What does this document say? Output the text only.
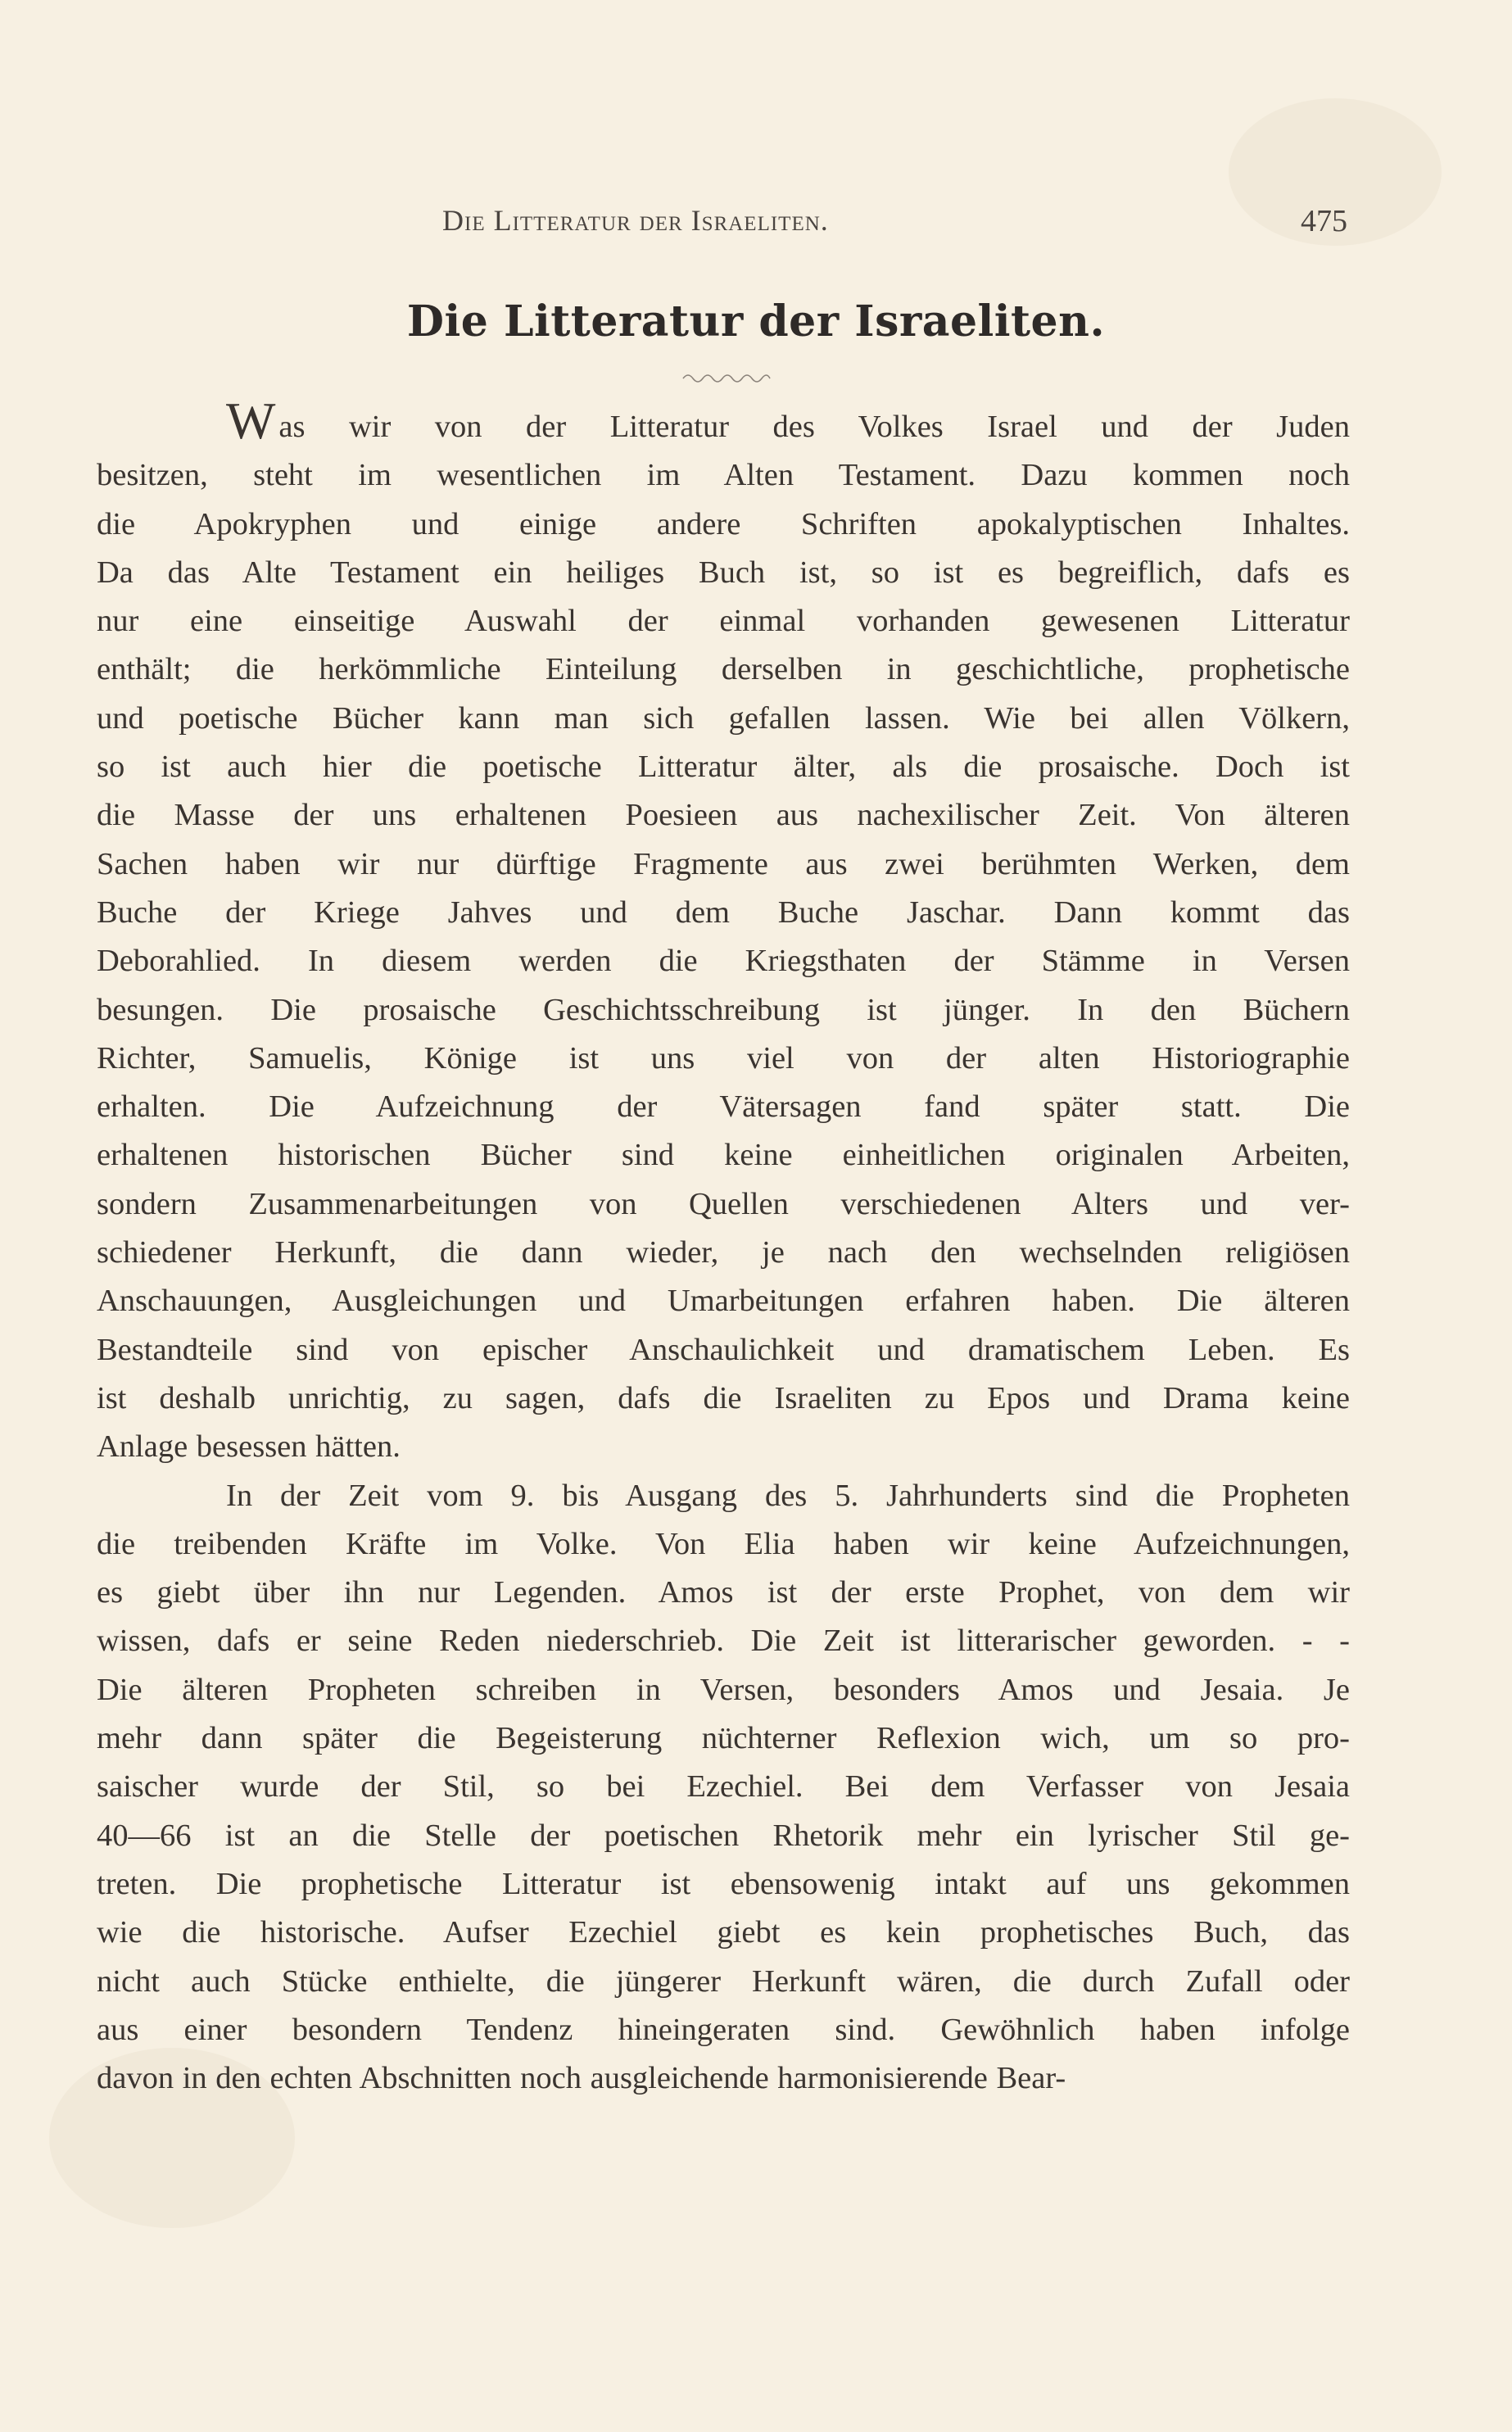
Die Litteratur der Israeliten.	475
Die Litteratur der Israeliten.
Was wir von der Litteratur des Volkes Israel und der Juden
besitzen, steht im wesentlichen im Alten Testament. Dazu kommen noch
die Apokryphen und einige andere Schriften apokalyptischen Inhaltes.
Da das Alte Testament ein heiliges Buch ist, so ist es begreiflich, dafs es
nur eine einseitige Auswahl der einmal vorhanden gewesenen Litteratur
enthält; die herkömmliche Einteilung derselben in geschichtliche, prophetische
und poetische Bücher kann man sich gefallen lassen. Wie bei allen Völkern,
so ist auch hier die poetische Litteratur älter, als die prosaische. Doch ist
die Masse der uns erhaltenen Poesieen aus nachexilischer Zeit. Von älteren
Sachen haben wir nur dürftige Fragmente aus zwei berühmten Werken, dem
Buche der Kriege Jahves und dem Buche Jaschar. Dann kommt das
Deborahlied. In diesem werden die Kriegsthaten der Stämme in Versen
besungen. Die prosaische Geschichtsschreibung ist jünger. In den Büchern
Richter, Samuelis, Könige ist uns viel von der alten Historiographie
erhalten. Die Aufzeichnung der Vätersagen fand später statt. Die
erhaltenen historischen Bücher sind keine einheitlichen originalen Arbeiten,
sondern Zusammenarbeitungen von Quellen verschiedenen Alters und ver-
schiedener Herkunft, die dann wieder, je nach den wechselnden religiösen
Anschauungen, Ausgleichungen und Umarbeitungen erfahren haben. Die älteren
Bestandteile sind von epischer Anschaulichkeit und dramatischem Leben. Es
ist deshalb unrichtig, zu sagen, dafs die Israeliten zu Epos und Drama keine
Anlage besessen hätten.
In der Zeit vom 9. bis Ausgang des 5. Jahrhunderts sind die Propheten
die treibenden Kräfte im Volke. Von Elia haben wir keine Aufzeichnungen,
es giebt über ihn nur Legenden. Amos ist der erste Prophet, von dem wir
wissen, dafs er seine Reden niederschrieb. Die Zeit ist litterarischer geworden. - -
Die älteren Propheten schreiben in Versen, besonders Amos und Jesaia. Je
mehr dann später die Begeisterung nüchterner Reflexion wich, um so pro-
saischer wurde der Stil, so bei Ezechiel. Bei dem Verfasser von Jesaia
40—66 ist an die Stelle der poetischen Rhetorik mehr ein lyrischer Stil ge-
treten. Die prophetische Litteratur ist ebensowenig intakt auf uns gekommen
wie die historische. Aufser Ezechiel giebt es kein prophetisches Buch, das
nicht auch Stücke enthielte, die jüngerer Herkunft wären, die durch Zufall oder
aus einer besondern Tendenz hineingeraten sind. Gewöhnlich haben infolge
davon in den echten Abschnitten noch ausgleichende harmonisierende Bear-
